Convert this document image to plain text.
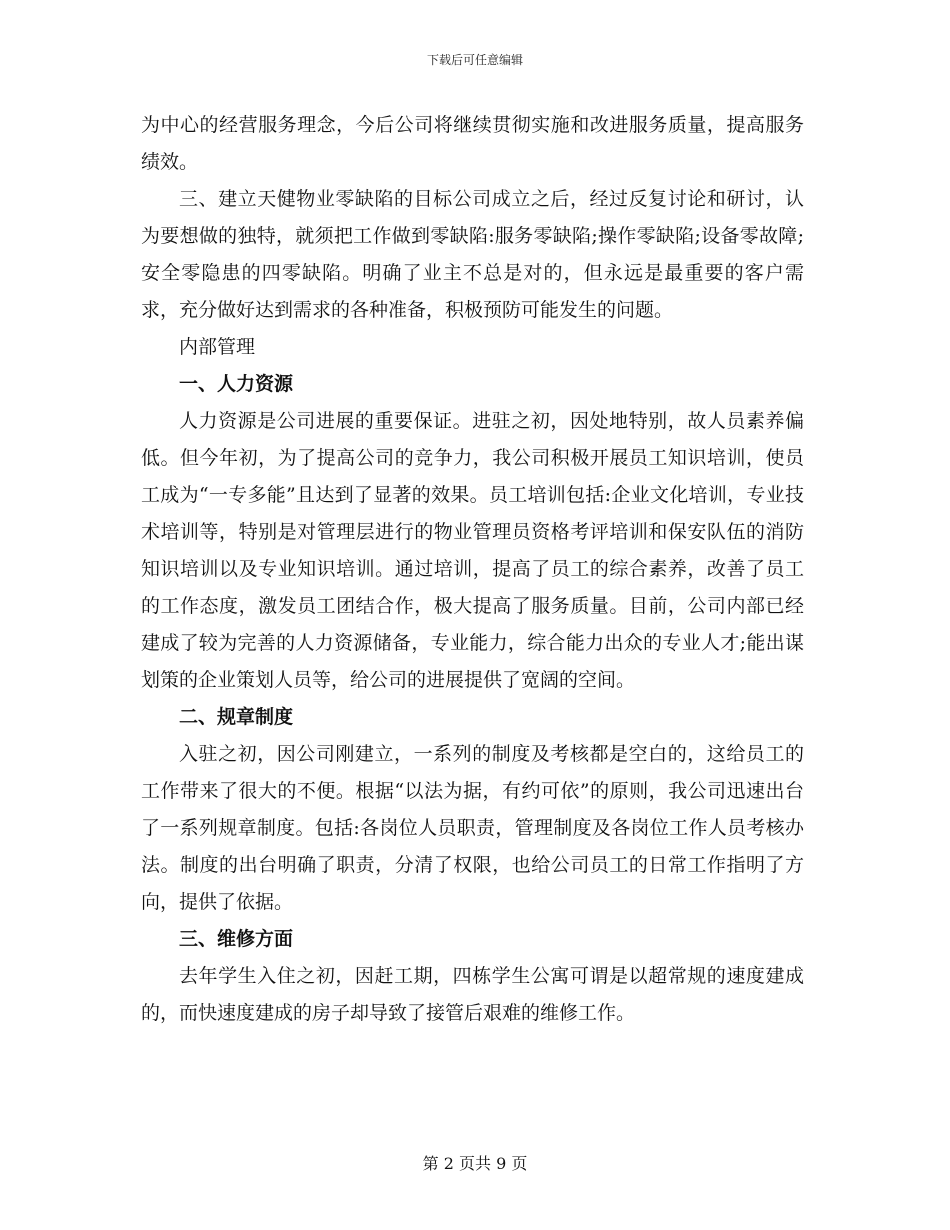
下载后可任意编辑

为中心的经营服务理念，今后公司将继续贯彻实施和改进服务质量，提高服务绩效。

三、建立天健物业零缺陷的目标公司成立之后，经过反复讨论和研讨，认为要想做的独特，就须把工作做到零缺陷:服务零缺陷;操作零缺陷;设备零故障;安全零隐患的四零缺陷。明确了业主不总是对的，但永远是最重要的客户需求，充分做好达到需求的各种准备，积极预防可能发生的问题。

内部管理

一、人力资源

人力资源是公司进展的重要保证。进驻之初，因处地特别，故人员素养偏低。但今年初，为了提高公司的竞争力，我公司积极开展员工知识培训，使员工成为“一专多能”且达到了显著的效果。员工培训包括:企业文化培训，专业技术培训等，特别是对管理层进行的物业管理员资格考评培训和保安队伍的消防知识培训以及专业知识培训。通过培训，提高了员工的综合素养，改善了员工的工作态度，激发员工团结合作，极大提高了服务质量。目前，公司内部已经建成了较为完善的人力资源储备，专业能力，综合能力出众的专业人才;能出谋划策的企业策划人员等，给公司的进展提供了宽阔的空间。

二、规章制度

入驻之初，因公司刚建立，一系列的制度及考核都是空白的，这给员工的工作带来了很大的不便。根据“以法为据，有约可依”的原则，我公司迅速出台了一系列规章制度。包括:各岗位人员职责，管理制度及各岗位工作人员考核办法。制度的出台明确了职责，分清了权限，也给公司员工的日常工作指明了方向，提供了依据。

三、维修方面

去年学生入住之初，因赶工期，四栋学生公寓可谓是以超常规的速度建成的，而快速度建成的房子却导致了接管后艰难的维修工作。

第 2 页共 9 页
